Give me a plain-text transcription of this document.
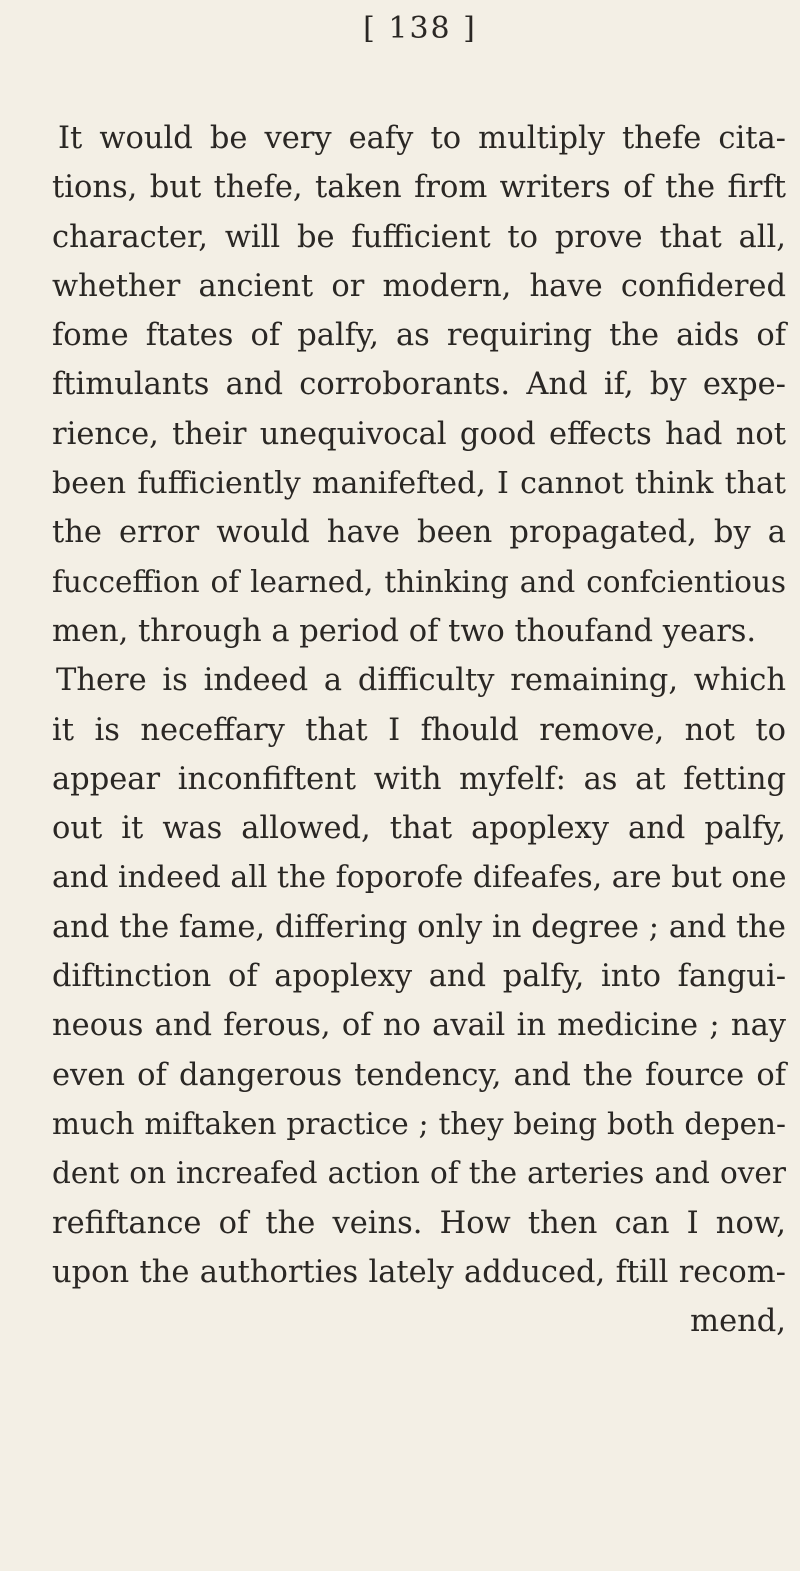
[ 138 ]
It would be very eafy to multiply thefe cita-
tions, but thefe, taken from writers of the firft
character, will be fufficient to prove that all,
whether ancient or modern, have confidered
fome ftates of palfy, as requiring the aids of
ftimulants and corroborants. And if, by expe-
rience, their unequivocal good effects had not
been fufficiently manifefted, I cannot think that
the error would have been propagated, by a
fucceffion of learned, thinking and confcientious
men, through a period of two thoufand years.
There is indeed a difficulty remaining, which
it is neceffary that I fhould remove, not to
appear inconfiftent with myfelf: as at fetting
out it was allowed, that apoplexy and palfy,
and indeed all the foporofe difeafes, are but one
and the fame, differing only in degree ; and the
diftinction of apoplexy and palfy, into fangui-
neous and ferous, of no avail in medicine ; nay
even of dangerous tendency, and the fource of
much miftaken practice ; they being both depen-
dent on increafed action of the arteries and over
refiftance of the veins. How then can I now,
upon the authorties lately adduced, ftill recom-
mend,
